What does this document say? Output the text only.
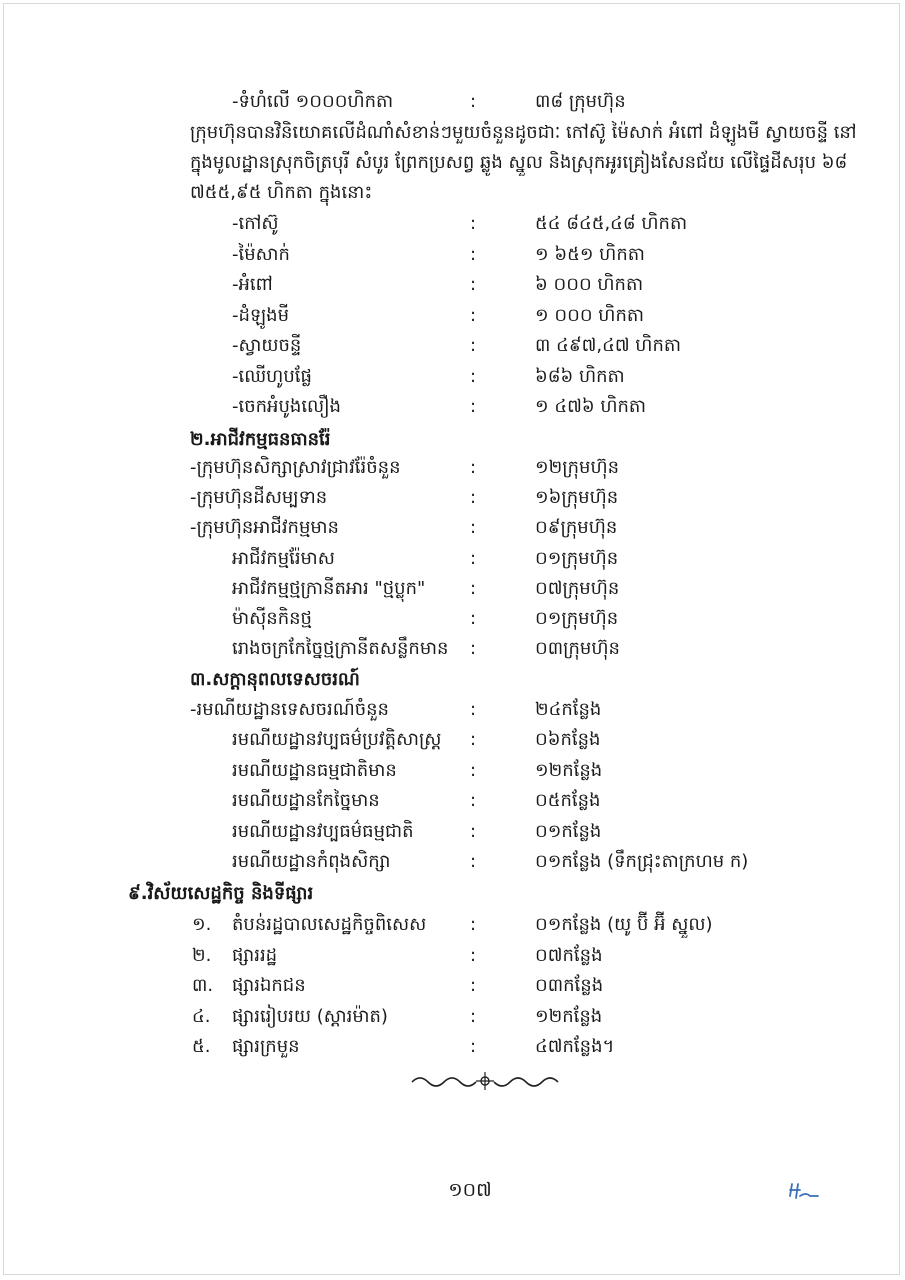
-ទំហំលើ ១០០០ហិកតា	:	៣៨ ក្រុមហ៊ុន

ក្រុមហ៊ុនបានវិនិយោគលើដំណាំសំខាន់ៗមួយចំនួនដូចជាៈ កៅស៊ូ ម៉ៃសាក់ អំពៅ ដំឡូងមី ស្វាយចន្ទី នៅក្នុងមូលដ្ឋានស្រុកចិត្របុរី សំបូរ ព្រែកប្រសព្វ ឆ្លូង ស្នួល និងស្រុកអូរគ្រៀងសែនជ័យ លើផ្ទៃដីសរុប ៦៨ ៧៥៥,៩៥ ហិកតា ក្នុងនោះ

-កៅស៊ូ	:	៥៤ ៨៤៥,៤៨ ហិកតា
-ម៉ៃសាក់	:	១ ៦៥១ ហិកតា
-អំពៅ	:	៦ ០០០ ហិកតា
-ដំឡូងមី	:	១ ០០០ ហិកតា
-ស្វាយចន្ទី	:	៣ ៤៩៧,៤៧ ហិកតា
-ឈើហូបផ្លែ	:	៦៨៦ ហិកតា
-ចេកអំបូងលឿង	:	១ ៤៧៦ ហិកតា
២.អាជីវកម្មធនធានរ៉ែ
-ក្រុមហ៊ុនសិក្សាស្រាវជ្រាវរ៉ែចំនួន	:	១២ក្រុមហ៊ុន
-ក្រុមហ៊ុនដីសម្បទាន	:	១៦ក្រុមហ៊ុន
-ក្រុមហ៊ុនអាជីវកម្មមាន	:	០៩ក្រុមហ៊ុន
អាជីវកម្មរ៉ែមាស	:	០១ក្រុមហ៊ុន
អាជីវកម្មថ្មក្រានីតអារ "ថ្មប្លុក" :	០៧ក្រុមហ៊ុន
ម៉ាស៊ីនកិនថ្ម	:	០១ក្រុមហ៊ុន
រោងចក្រកែច្នៃថ្មក្រានីតសន្លឹកមាន :	០៣ក្រុមហ៊ុន
៣.សក្តានុពលទេសចរណ៍
-រមណីយដ្ឋានទេសចរណ៍ចំនួន	:	២៤កន្លែង
រមណីយដ្ឋានវប្បធម៌ប្រវត្តិសាស្ត្រ :	០៦កន្លែង
រមណីយដ្ឋានធម្មជាតិមាន	:	១២កន្លែង
រមណីយដ្ឋានកែច្នៃមាន	:	០៥កន្លែង
រមណីយដ្ឋានវប្បធម៌ធម្មជាតិ	:	០១កន្លែង
រមណីយដ្ឋានកំពុងសិក្សា	:	០១កន្លែង (ទឹកជ្រុះតាក្រហម ក)
៩.វិស័យសេដ្ឋកិច្ច និងទីផ្សារ
១. តំបន់រដ្ឋបាលសេដ្ឋកិច្ចពិសេស :	០១កន្លែង (យូ ប៊ី អ៊ី ស្នួល)
២. ផ្សាររដ្ឋ	:	០៧កន្លែង
៣. ផ្សារឯកជន	:	០៣កន្លែង
៤. ផ្សាររៀបរយ (ស្តារម៉ាត)	:	១២កន្លែង
៥. ផ្សារក្រមួន	:	៤៧កន្លែង។
១០៧
